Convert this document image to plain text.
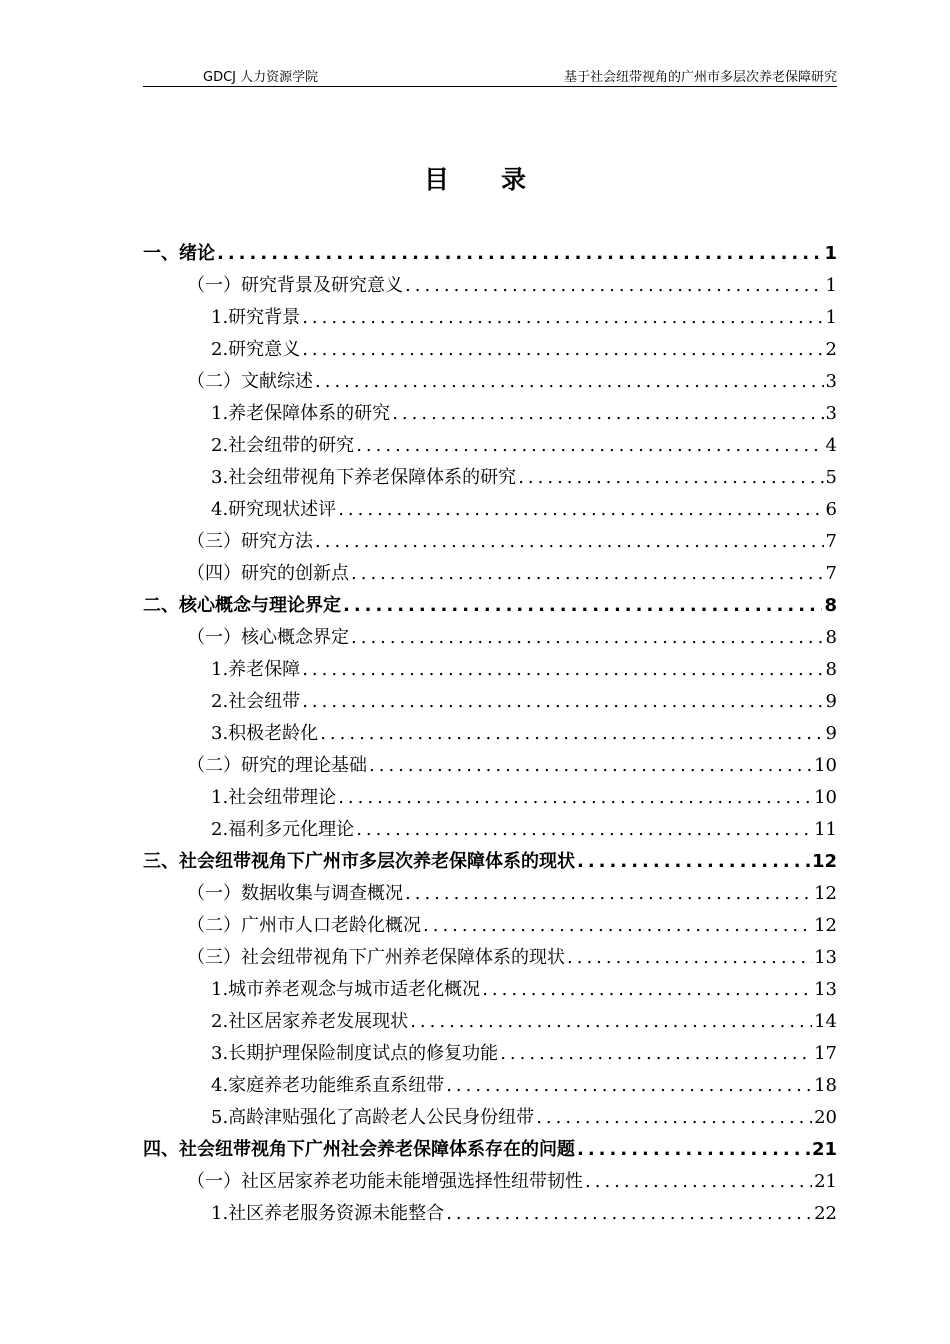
GDCJ 人力资源学院	基于社会纽带视角的广州市多层次养老保障研究
目 录
一、绪论 .....	1
（一）研究背景及研究意义 .....	1
1.研究背景 .....	1
2.研究意义 .....	2
（二）文献综述 .....	3
1.养老保障体系的研究 .....	3
2.社会纽带的研究 .....	4
3.社会纽带视角下养老保障体系的研究 .....	5
4.研究现状述评 .....	6
（三）研究方法 .....	7
（四）研究的创新点 .....	7
二、核心概念与理论界定 .....	8
（一）核心概念界定 .....	8
1.养老保障 .....	8
2.社会纽带 .....	9
3.积极老龄化 .....	9
（二）研究的理论基础 .....	10
1.社会纽带理论 .....	10
2.福利多元化理论 .....	11
三、社会纽带视角下广州市多层次养老保障体系的现状 .....	12
（一）数据收集与调查概况 .....	12
（二）广州市人口老龄化概况 .....	12
（三）社会纽带视角下广州养老保障体系的现状 .....	13
1.城市养老观念与城市适老化概况 .....	13
2.社区居家养老发展现状 .....	14
3.长期护理保险制度试点的修复功能 .....	17
4.家庭养老功能维系直系纽带 .....	18
5.高龄津贴强化了高龄老人公民身份纽带 .....	20
四、社会纽带视角下广州社会养老保障体系存在的问题 .....	21
（一）社区居家养老功能未能增强选择性纽带韧性 .....	21
1.社区养老服务资源未能整合 .....	22
